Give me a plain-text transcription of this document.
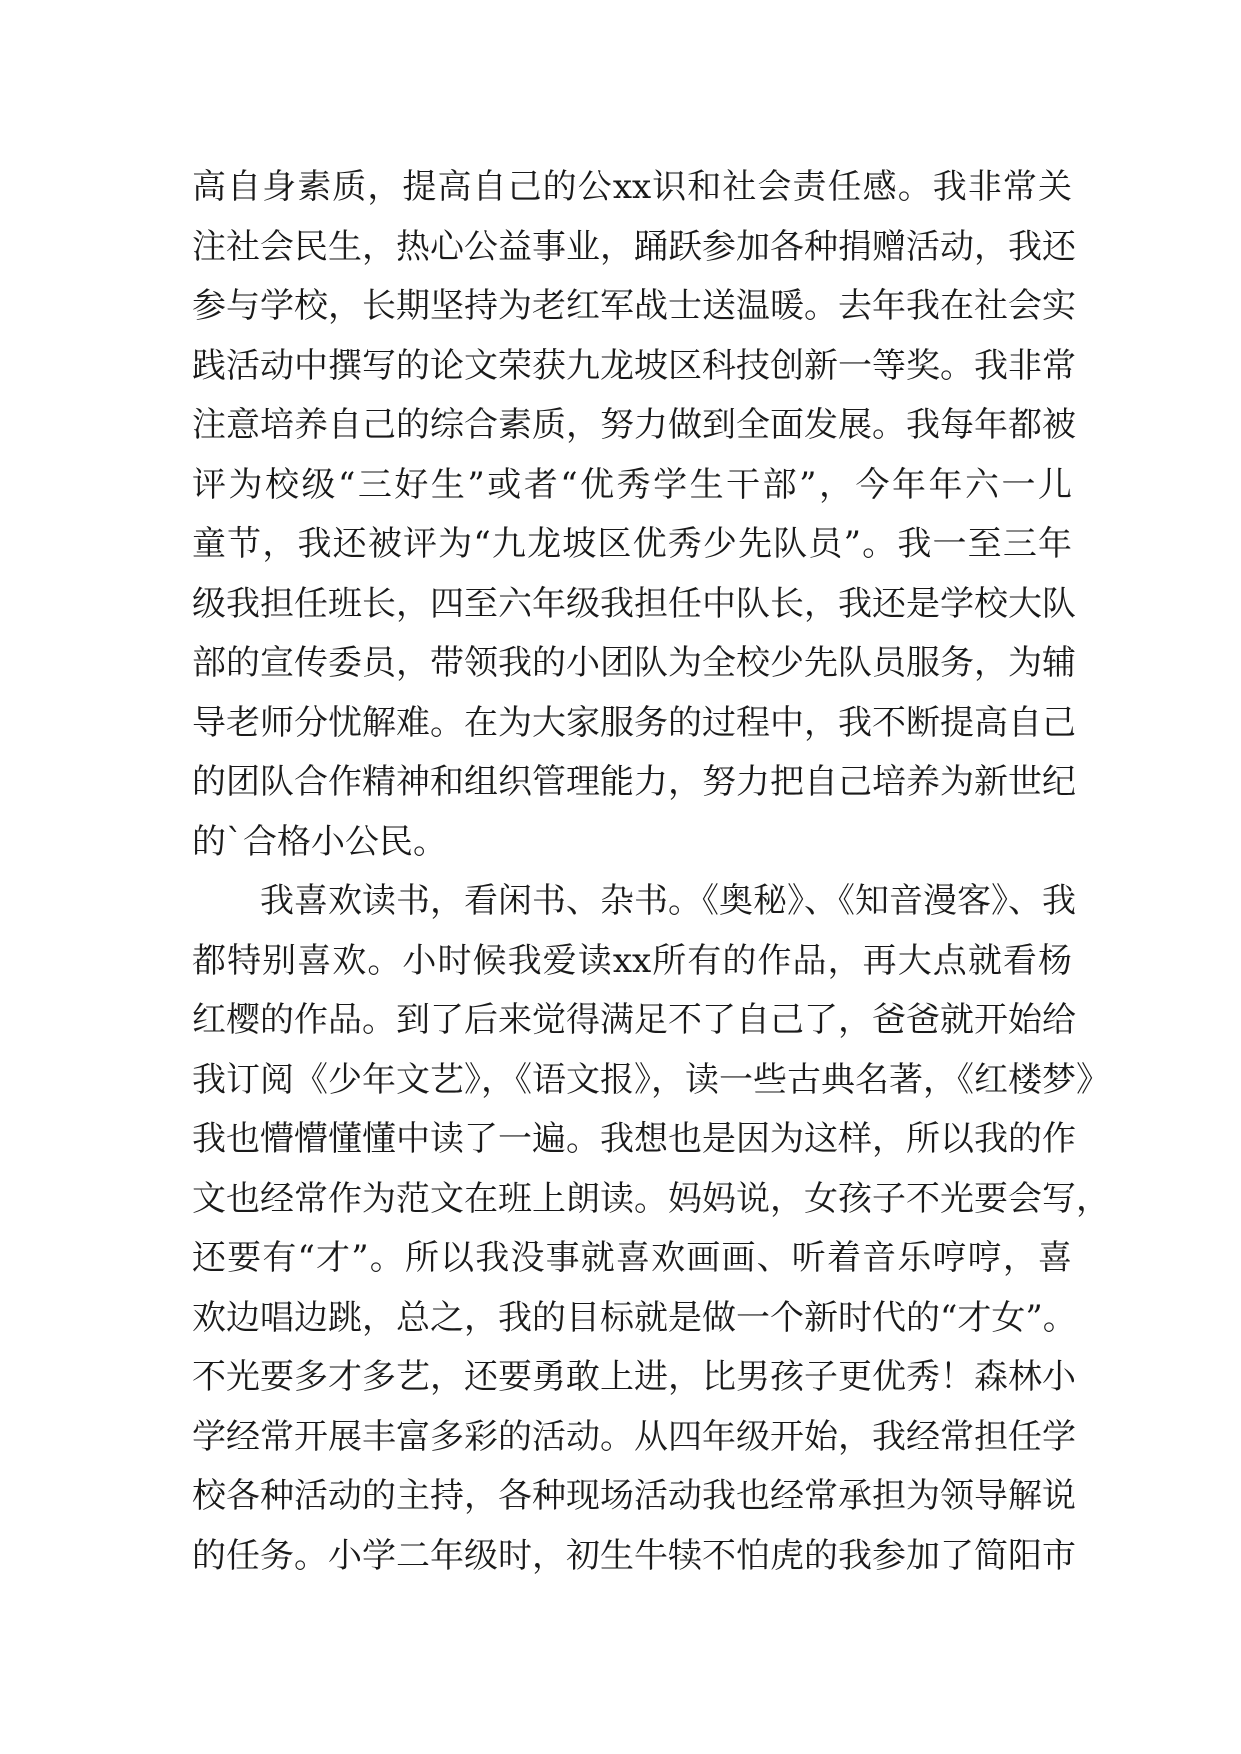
高自身素质，提高自己的公xx识和社会责任感。我非常关
注社会民生，热心公益事业，踊跃参加各种捐赠活动，我还
参与学校，长期坚持为老红军战士送温暖。去年我在社会实
践活动中撰写的论文荣获九龙坡区科技创新一等奖。我非常
注意培养自己的综合素质，努力做到全面发展。我每年都被
评为校级“三好生”或者“优秀学生干部”，今年年六一儿
童节，我还被评为“九龙坡区优秀少先队员”。我一至三年
级我担任班长，四至六年级我担任中队长，我还是学校大队
部的宣传委员，带领我的小团队为全校少先队员服务，为辅
导老师分忧解难。在为大家服务的过程中，我不断提高自己
的团队合作精神和组织管理能力，努力把自己培养为新世纪
的`合格小公民。
我喜欢读书，看闲书、杂书。《奥秘》、《知音漫客》、我
都特别喜欢。小时候我爱读xx所有的作品，再大点就看杨
红樱的作品。到了后来觉得满足不了自己了，爸爸就开始给
我订阅《少年文艺》，《语文报》，读一些古典名著，《红楼梦》
我也懵懵懂懂中读了一遍。我想也是因为这样，所以我的作
文也经常作为范文在班上朗读。妈妈说，女孩子不光要会写，
还要有“才”。所以我没事就喜欢画画、听着音乐哼哼，喜
欢边唱边跳，总之，我的目标就是做一个新时代的“才女”。
不光要多才多艺，还要勇敢上进，比男孩子更优秀！森林小
学经常开展丰富多彩的活动。从四年级开始，我经常担任学
校各种活动的主持，各种现场活动我也经常承担为领导解说
的任务。小学二年级时，初生牛犊不怕虎的我参加了简阳市
